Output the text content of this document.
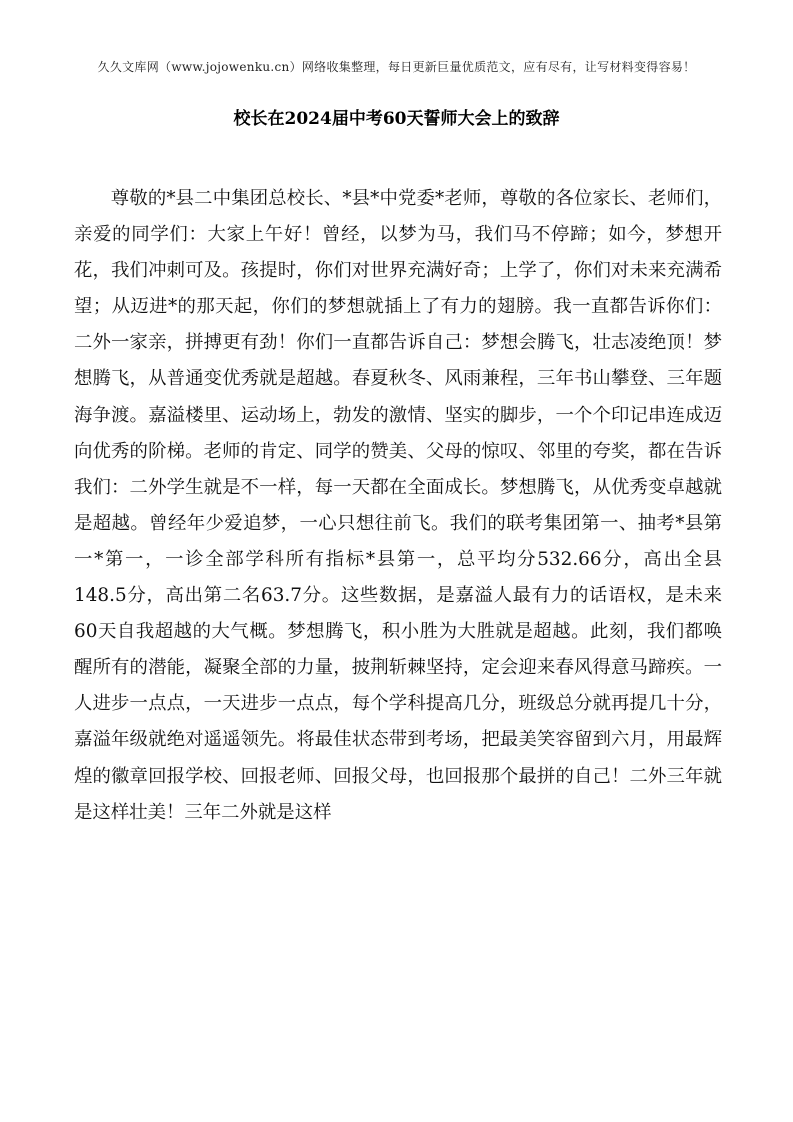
久久文库网（www.jojowenku.cn）网络收集整理，每日更新巨量优质范文，应有尽有，让写材料变得容易！
校长在2024届中考60天誓师大会上的致辞

尊敬的*县二中集团总校长、*县*中党委*老师，尊敬的各位家长、老师们，亲爱的同学们：大家上午好！曾经，以梦为马，我们马不停蹄；如今，梦想开花，我们冲刺可及。孩提时，你们对世界充满好奇；上学了，你们对未来充满希望；从迈进*的那天起，你们的梦想就插上了有力的翅膀。我一直都告诉你们：二外一家亲，拼搏更有劲！你们一直都告诉自己：梦想会腾飞，壮志凌绝顶！梦想腾飞，从普通变优秀就是超越。春夏秋冬、风雨兼程，三年书山攀登、三年题海争渡。嘉溢楼里、运动场上，勃发的激情、坚实的脚步，一个个印记串连成迈向优秀的阶梯。老师的肯定、同学的赞美、父母的惊叹、邻里的夸奖，都在告诉我们：二外学生就是不一样，每一天都在全面成长。梦想腾飞，从优秀变卓越就是超越。曾经年少爱追梦，一心只想往前飞。我们的联考集团第一、抽考*县第一*第一，一诊全部学科所有指标*县第一，总平均分532.66分，高出全县148.5分，高出第二名63.7分。这些数据，是嘉溢人最有力的话语权，是未来60天自我超越的大气概。梦想腾飞，积小胜为大胜就是超越。此刻，我们都唤醒所有的潜能，凝聚全部的力量，披荆斩棘坚持，定会迎来春风得意马蹄疾。一人进步一点点，一天进步一点点，每个学科提高几分，班级总分就再提几十分，嘉溢年级就绝对遥遥领先。将最佳状态带到考场，把最美笑容留到六月，用最辉煌的徽章回报学校、回报老师、回报父母，也回报那个最拼的自己！二外三年就是这样壮美！三年二外就是这样
